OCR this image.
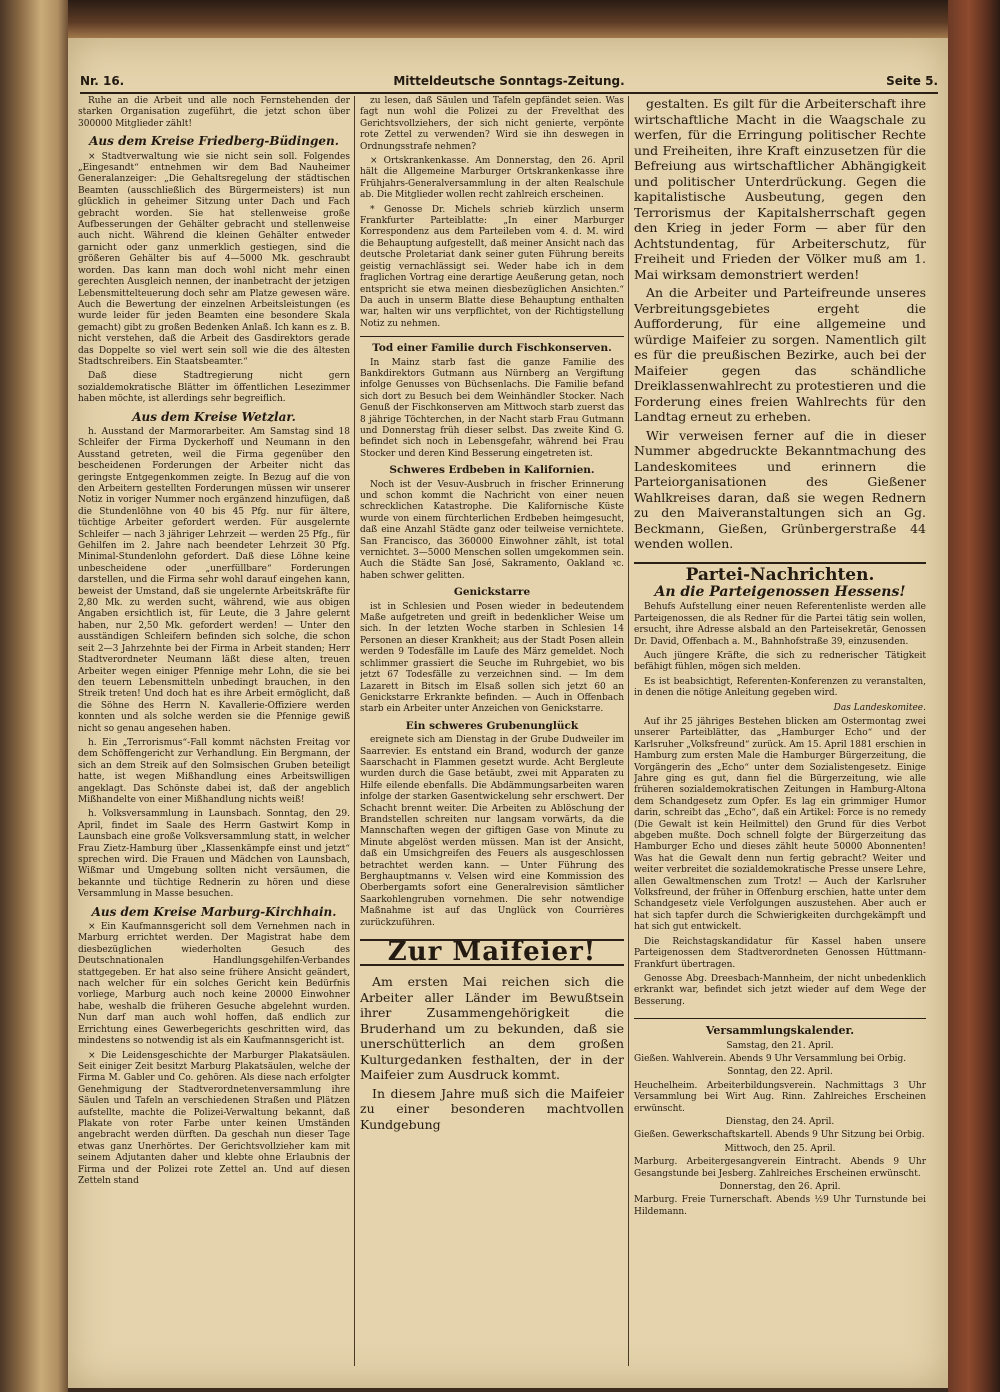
Nr. 16.	Mitteldeutsche Sonntags-Zeitung.	Seite 5.

Ruhe an die Arbeit und alle noch Fernstehenden der starken Organisation zugeführt, die jetzt schon über 300000 Mitglieder zählt!

Aus dem Kreise Friedberg-Büdingen.

× Stadtverwaltung wie sie nicht sein soll. Folgendes „Eingesandt“ entnehmen wir dem Bad Nauheimer Generalanzeiger: „Die Gehaltsregelung der städtischen Beamten (ausschließlich des Bürgermeisters) ist nun glücklich in geheimer Sitzung unter Dach und Fach gebracht worden. Sie hat stellenweise große Aufbesserungen der Gehälter gebracht und stellenweise auch nicht. Während die kleinen Gehälter entweder garnicht oder ganz unmerklich gestiegen, sind die größeren Gehälter bis auf 4—5000 Mk. geschraubt worden. Das kann man doch wohl nicht mehr einen gerechten Ausgleich nennen, der inanbetracht der jetzigen Lebensmittelteuerung doch sehr am Platze gewesen wäre. Auch die Bewertung der einzelnen Arbeitsleistungen (es wurde leider für jeden Beamten eine besondere Skala gemacht) gibt zu großen Bedenken Anlaß. Ich kann es z. B. nicht verstehen, daß die Arbeit des Gasdirektors gerade das Doppelte so viel wert sein soll wie die des ältesten Stadtschreibers. Ein Staatsbeamter.“

Daß diese Stadtregierung nicht gern sozialdemokratische Blätter im öffentlichen Lesezimmer haben möchte, ist allerdings sehr begreiflich.

Aus dem Kreise Wetzlar.

h. Ausstand der Marmorarbeiter. Am Samstag sind 18 Schleifer der Firma Dyckerhoff und Neumann in den Ausstand getreten, weil die Firma gegenüber den bescheidenen Forderungen der Arbeiter nicht das geringste Entgegenkommen zeigte. In Bezug auf die von den Arbeitern gestellten Forderungen müssen wir unserer Notiz in voriger Nummer noch ergänzend hinzufügen, daß die Stundenlöhne von 40 bis 45 Pfg. nur für ältere, tüchtige Arbeiter gefordert werden. Für ausgelernte Schleifer — nach 3 jähriger Lehrzeit — werden 25 Pfg., für Gehilfen im 2. Jahre nach beendeter Lehrzeit 30 Pfg. Minimal-Stundenlohn gefordert. Daß diese Löhne keine unbescheidene oder „unerfüllbare“ Forderungen darstellen, und die Firma sehr wohl darauf eingehen kann, beweist der Umstand, daß sie ungelernte Arbeitskräfte für 2,80 Mk. zu werden sucht, während, wie aus obigen Angaben ersichtlich ist, für Leute, die 3 Jahre gelernt haben, nur 2,50 Mk. gefordert werden! — Unter den ausständigen Schleifern befinden sich solche, die schon seit 2—3 Jahrzehnte bei der Firma in Arbeit standen; Herr Stadtverordneter Neumann läßt diese alten, treuen Arbeiter wegen einiger Pfennige mehr Lohn, die sie bei den teuern Lebensmitteln unbedingt brauchen, in den Streik treten! Und doch hat es ihre Arbeit ermöglicht, daß die Söhne des Herrn N. Kavallerie-Offiziere werden konnten und als solche werden sie die Pfennige gewiß nicht so genau angesehen haben.

h. Ein „Terrorismus“-Fall kommt nächsten Freitag vor dem Schöffengericht zur Verhandlung. Ein Bergmann, der sich an dem Streik auf den Solmsischen Gruben beteiligt hatte, ist wegen Mißhandlung eines Arbeitswilligen angeklagt. Das Schönste dabei ist, daß der angeblich Mißhandelte von einer Mißhandlung nichts weiß!

h. Volksversammlung in Launsbach. Sonntag, den 29. April, findet im Saale des Herrn Gastwirt Komp in Launsbach eine große Volksversammlung statt, in welcher Frau Zietz-Hamburg über „Klassenkämpfe einst und jetzt“ sprechen wird. Die Frauen und Mädchen von Launsbach, Wißmar und Umgebung sollten nicht versäumen, die bekannte und tüchtige Rednerin zu hören und diese Versammlung in Masse besuchen.

Aus dem Kreise Marburg-Kirchhain.

× Ein Kaufmannsgericht soll dem Vernehmen nach in Marburg errichtet werden. Der Magistrat habe dem diesbezüglichen wiederholten Gesuch des Deutschnationalen Handlungsgehilfen-Verbandes stattgegeben. Er hat also seine frühere Ansicht geändert, nach welcher für ein solches Gericht kein Bedürfnis vorliege, Marburg auch noch keine 20000 Einwohner habe, weshalb die früheren Gesuche abgelehnt wurden. Nun darf man auch wohl hoffen, daß endlich zur Errichtung eines Gewerbegerichts geschritten wird, das mindestens so notwendig ist als ein Kaufmannsgericht ist.

× Die Leidensgeschichte der Marburger Plakatsäulen. Seit einiger Zeit besitzt Marburg Plakatsäulen, welche der Firma M. Gabler und Co. gehören. Als diese nach erfolgter Genehmigung der Stadtverordnetenversammlung ihre Säulen und Tafeln an verschiedenen Straßen und Plätzen aufstellte, machte die Polizei-Verwaltung bekannt, daß Plakate von roter Farbe unter keinen Umständen angebracht werden dürften. Da geschah nun dieser Tage etwas ganz Unerhörtes. Der Gerichtsvollzieher kam mit seinem Adjutanten daher und klebte ohne Erlaubnis der Firma und der Polizei rote Zettel an. Und auf diesen Zetteln stand

zu lesen, daß Säulen und Tafeln gepfändet seien. Was fagt nun wohl die Polizei zu der Frevelthat des Gerichtsvollziehers, der sich nicht genierte, verpönte rote Zettel zu verwenden? Wird sie ihn deswegen in Ordnungsstrafe nehmen?

× Ortskrankenkasse. Am Donnerstag, den 26. April hält die Allgemeine Marburger Ortskrankenkasse ihre Frühjahrs-Generalversammlung in der alten Realschule ab. Die Mitglieder wollen recht zahlreich erscheinen.

* Genosse Dr. Michels schrieb kürzlich unserm Frankfurter Parteiblatte: „In einer Marburger Korrespondenz aus dem Parteileben vom 4. d. M. wird die Behauptung aufgestellt, daß meiner Ansicht nach das deutsche Proletariat dank seiner guten Führung bereits geistig vernachlässigt sei. Weder habe ich in dem fraglichen Vortrag eine derartige Aeußerung getan, noch entspricht sie etwa meinen diesbezüglichen Ansichten.“ Da auch in unserm Blatte diese Behauptung enthalten war, halten wir uns verpflichtet, von der Richtigstellung Notiz zu nehmen.

Tod einer Familie durch Fischkonserven.

In Mainz starb fast die ganze Familie des Bankdirektors Gutmann aus Nürnberg an Vergiftung infolge Genusses von Büchsenlachs. Die Familie befand sich dort zu Besuch bei dem Weinhändler Stocker. Nach Genuß der Fischkonserven am Mittwoch starb zuerst das 8 jährige Töchterchen, in der Nacht starb Frau Gutmann und Donnerstag früh dieser selbst. Das zweite Kind G. befindet sich noch in Lebensgefahr, während bei Frau Stocker und deren Kind Besserung eingetreten ist.

Schweres Erdbeben in Kalifornien.

Noch ist der Vesuv-Ausbruch in frischer Erinnerung und schon kommt die Nachricht von einer neuen schrecklichen Katastrophe. Die Kalifornische Küste wurde von einem fürchterlichen Erdbeben heimgesucht, daß eine Anzahl Städte ganz oder teilweise vernichtete. San Francisco, das 360000 Einwohner zählt, ist total vernichtet. 3—5000 Menschen sollen umgekommen sein. Auch die Städte San José, Sakramento, Oakland ꝛc. haben schwer gelitten.

Genickstarre

ist in Schlesien und Posen wieder in bedeutendem Maße aufgetreten und greift in bedenklicher Weise um sich. In der letzten Woche starben in Schlesien 14 Personen an dieser Krankheit; aus der Stadt Posen allein werden 9 Todesfälle im Laufe des März gemeldet. Noch schlimmer grassiert die Seuche im Ruhrgebiet, wo bis jetzt 67 Todesfälle zu verzeichnen sind. — Im dem Lazarett in Bitsch im Elsaß sollen sich jetzt 60 an Genickstarre Erkrankte befinden. — Auch in Offenbach starb ein Arbeiter unter Anzeichen von Genickstarre.

Ein schweres Grubenunglück

ereignete sich am Dienstag in der Grube Dudweiler im Saarrevier. Es entstand ein Brand, wodurch der ganze Saarschacht in Flammen gesetzt wurde. Acht Bergleute wurden durch die Gase betäubt, zwei mit Apparaten zu Hilfe eilende ebenfalls. Die Abdämmungsarbeiten waren infolge der starken Gasentwickelung sehr erschwert. Der Schacht brennt weiter. Die Arbeiten zu Ablöschung der Brandstellen schreiten nur langsam vorwärts, da die Mannschaften wegen der giftigen Gase von Minute zu Minute abgelöst werden müssen. Man ist der Ansicht, daß ein Umsichgreifen des Feuers als ausgeschlossen betrachtet werden kann. — Unter Führung des Berghauptmanns v. Velsen wird eine Kommission des Oberbergamts sofort eine Generalrevision sämtlicher Saarkohlengruben vornehmen. Die sehr notwendige Maßnahme ist auf das Unglück von Courrières zurückzuführen.

Zur Maifeier!

Am ersten Mai reichen sich die Arbeiter aller Länder im Bewußtsein ihrer Zusammengehörigkeit die Bruderhand um zu bekunden, daß sie unerschütterlich an dem großen Kulturgedanken festhalten, der in der Maifeier zum Ausdruck kommt.

In diesem Jahre muß sich die Maifeier zu einer besonderen machtvollen Kundgebung

gestalten. Es gilt für die Arbeiterschaft ihre wirtschaftliche Macht in die Waagschale zu werfen, für die Erringung politischer Rechte und Freiheiten, ihre Kraft einzusetzen für die Befreiung aus wirtschaftlicher Abhängigkeit und politischer Unterdrückung. Gegen die kapitalistische Ausbeutung, gegen den Terrorismus der Kapitalsherrschaft gegen den Krieg in jeder Form — aber für den Achtstundentag, für Arbeiterschutz, für Freiheit und Frieden der Völker muß am 1. Mai wirksam demonstriert werden!

An die Arbeiter und Parteifreunde unseres Verbreitungsgebietes ergeht die Aufforderung, für eine allgemeine und würdige Maifeier zu sorgen. Namentlich gilt es für die preußischen Bezirke, auch bei der Maifeier gegen das schändliche Dreiklassenwahlrecht zu protestieren und die Forderung eines freien Wahlrechts für den Landtag erneut zu erheben.

Wir verweisen ferner auf die in dieser Nummer abgedruckte Bekanntmachung des Landeskomitees und erinnern die Parteiorganisationen des Gießener Wahlkreises daran, daß sie wegen Rednern zu den Maiveranstaltungen sich an Gg. Beckmann, Gießen, Grünbergerstraße 44 wenden wollen.

Partei-Nachrichten.
An die Parteigenossen Hessens!

Behufs Aufstellung einer neuen Referentenliste werden alle Parteigenossen, die als Redner für die Partei tätig sein wollen, ersucht, ihre Adresse alsbald an den Parteisekretär, Genossen Dr. David, Offenbach a. M., Bahnhofstraße 39, einzusenden.

Auch jüngere Kräfte, die sich zu rednerischer Tätigkeit befähigt fühlen, mögen sich melden.

Es ist beabsichtigt, Referenten-Konferenzen zu veranstalten, in denen die nötige Anleitung gegeben wird.

Das Landeskomitee.

Auf ihr 25 jähriges Bestehen blicken am Ostermontag zwei unserer Parteiblätter, das „Hamburger Echo“ und der Karlsruher „Volksfreund“ zurück. Am 15. April 1881 erschien in Hamburg zum ersten Male die Hamburger Bürgerzeitung, die Vorgängerin des „Echo“ unter dem Sozialistengesetz. Einige Jahre ging es gut, dann fiel die Bürgerzeitung, wie alle früheren sozialdemokratischen Zeitungen in Hamburg-Altona dem Schandgesetz zum Opfer. Es lag ein grimmiger Humor darin, schreibt das „Echo“, daß ein Artikel: Force is no remedy (Die Gewalt ist kein Heilmittel) den Grund für dies Verbot abgeben mußte. Doch schnell folgte der Bürgerzeitung das Hamburger Echo und dieses zählt heute 50000 Abonnenten! Was hat die Gewalt denn nun fertig gebracht? Weiter und weiter verbreitet die sozialdemokratische Presse unsere Lehre, allen Gewaltmenschen zum Trotz! — Auch der Karlsruher Volksfreund, der früher in Offenburg erschien, hatte unter dem Schandgesetz viele Verfolgungen auszustehen. Aber auch er hat sich tapfer durch die Schwierigkeiten durchgekämpft und hat sich gut entwickelt.

Die Reichstagskandidatur für Kassel haben unsere Parteigenossen dem Stadtverordneten Genossen Hüttmann-Frankfurt übertragen.

Genosse Abg. Dreesbach-Mannheim, der nicht unbedenklich erkrankt war, befindet sich jetzt wieder auf dem Wege der Besserung.

Versammlungskalender.

Samstag, den 21. April.

Gießen. Wahlverein. Abends 9 Uhr Versammlung bei Orbig.

Sonntag, den 22. April.

Heuchelheim. Arbeiterbildungsverein. Nachmittags 3 Uhr Versammlung bei Wirt Aug. Rinn. Zahlreiches Erscheinen erwünscht.

Dienstag, den 24. April.

Gießen. Gewerkschaftskartell. Abends 9 Uhr Sitzung bei Orbig.

Mittwoch, den 25. April.

Marburg. Arbeitergesangverein Eintracht. Abends 9 Uhr Gesangstunde bei Jesberg. Zahlreiches Erscheinen erwünscht.

Donnerstag, den 26. April.

Marburg. Freie Turnerschaft. Abends ½9 Uhr Turnstunde bei Hildemann.
